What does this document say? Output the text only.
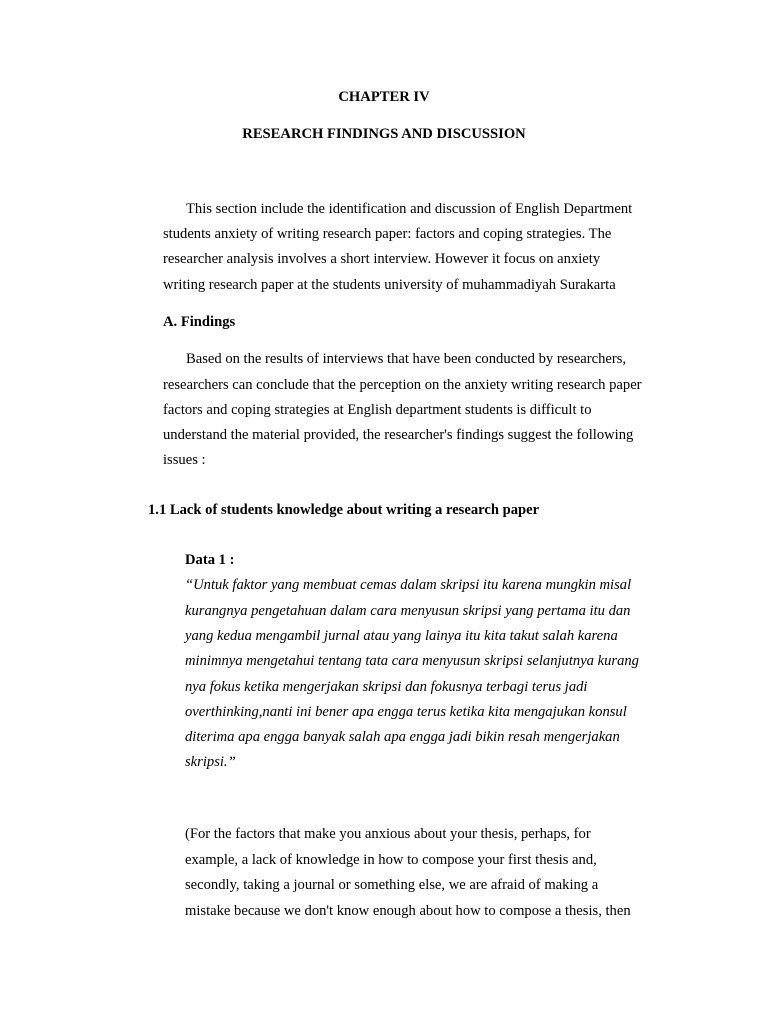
CHAPTER IV
RESEARCH FINDINGS AND DISCUSSION
This section include the identification and discussion of English Department
students anxiety of writing research paper: factors and coping strategies. The
researcher analysis involves a short interview. However it focus on anxiety
writing research paper at the students university of muhammadiyah Surakarta
A. Findings
Based on the results of interviews that have been conducted by researchers,
researchers can conclude that the perception on the anxiety writing research paper
factors and coping strategies at English department students is difficult to
understand the material provided, the researcher's findings suggest the following
issues :
1.1 Lack of students knowledge about writing a research paper
Data 1 :
“Untuk faktor yang membuat cemas dalam skripsi itu karena mungkin misal
kurangnya pengetahuan dalam cara menyusun skripsi yang pertama itu dan
yang kedua mengambil jurnal atau yang lainya itu kita takut salah karena
minimnya mengetahui tentang tata cara menyusun skripsi selanjutnya kurang
nya fokus ketika mengerjakan skripsi dan fokusnya terbagi terus jadi
overthinking,nanti ini bener apa engga terus ketika kita mengajukan konsul
diterima apa engga banyak salah apa engga jadi bikin resah mengerjakan
skripsi.”
(For the factors that make you anxious about your thesis, perhaps, for
example, a lack of knowledge in how to compose your first thesis and,
secondly, taking a journal or something else, we are afraid of making a
mistake because we don't know enough about how to compose a thesis, then
